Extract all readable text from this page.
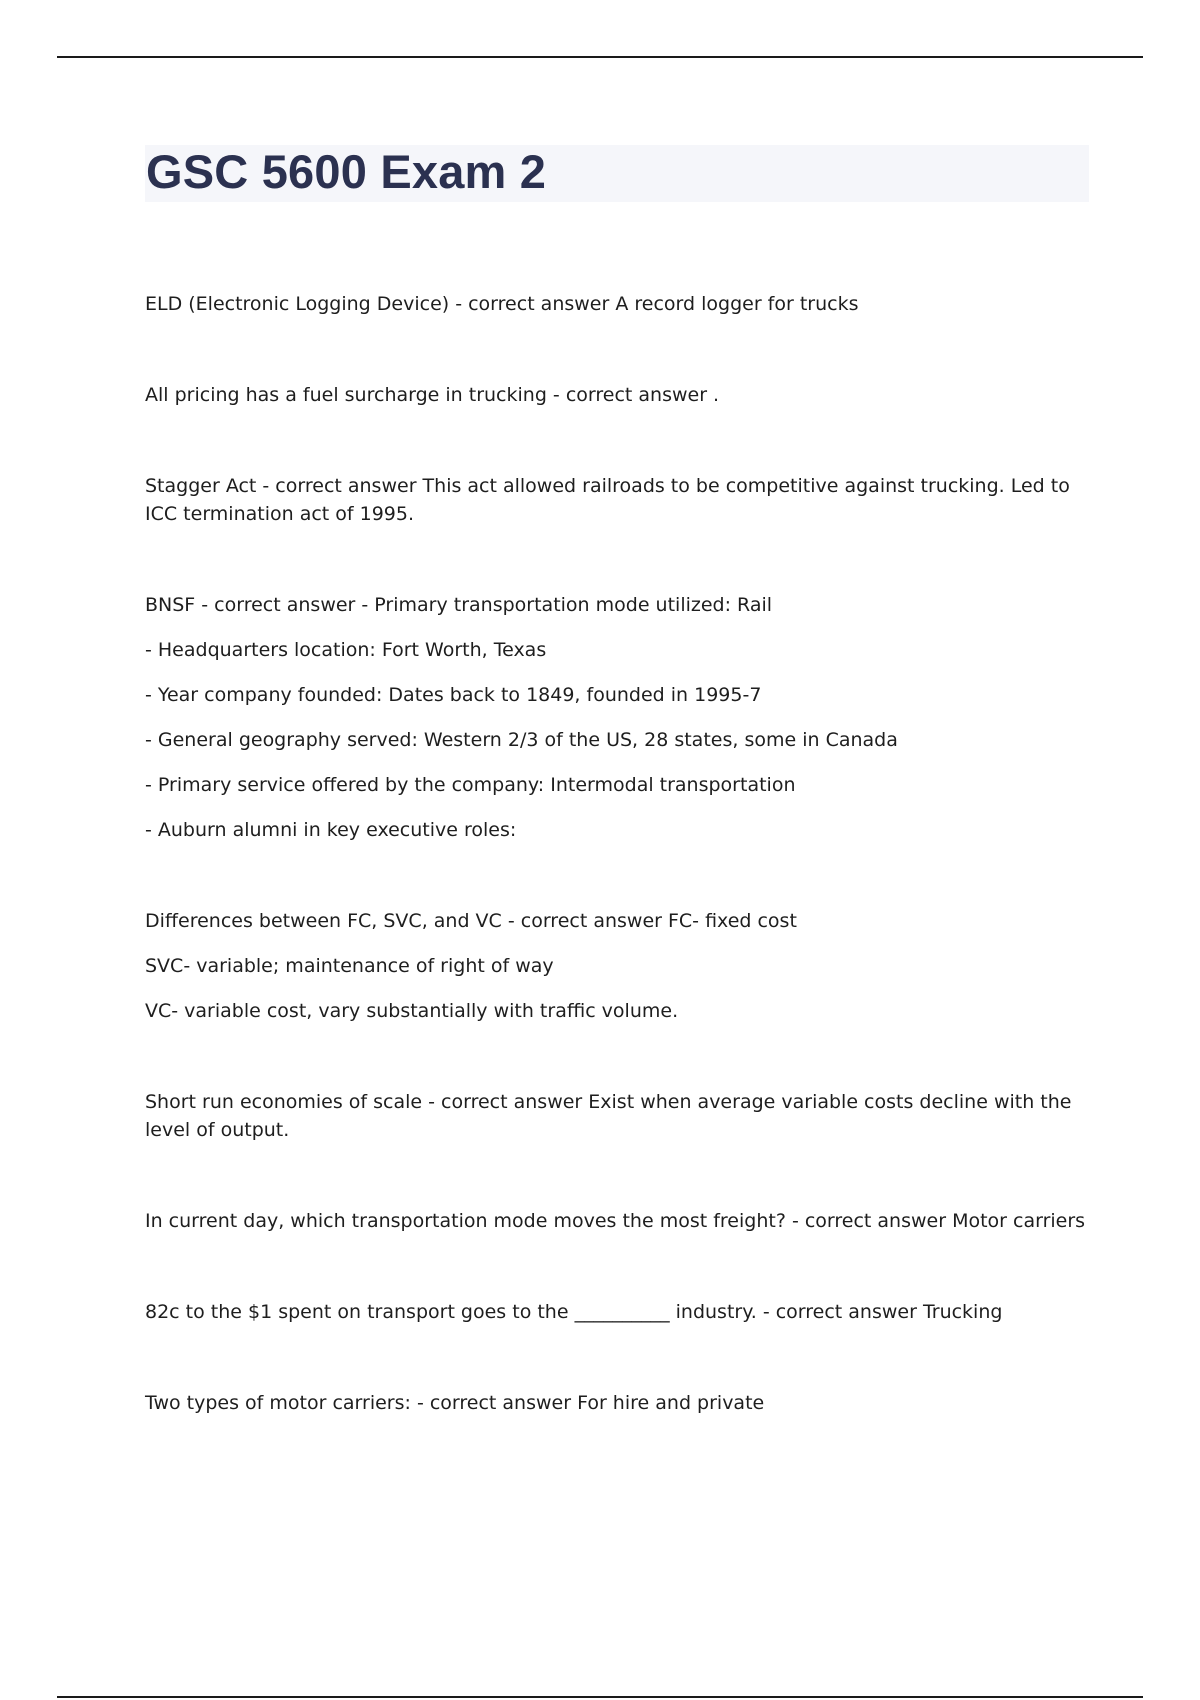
GSC 5600 Exam 2

ELD (Electronic Logging Device) - correct answer A record logger for trucks

All pricing has a fuel surcharge in trucking - correct answer .

Stagger Act - correct answer This act allowed railroads to be competitive against trucking. Led to ICC termination act of 1995.

BNSF - correct answer - Primary transportation mode utilized: Rail

- Headquarters location: Fort Worth, Texas

- Year company founded: Dates back to 1849, founded in 1995-7

- General geography served: Western 2/3 of the US, 28 states, some in Canada

- Primary service offered by the company: Intermodal transportation

- Auburn alumni in key executive roles:

Differences between FC, SVC, and VC - correct answer FC- fixed cost

SVC- variable; maintenance of right of way

VC- variable cost, vary substantially with traffic volume.

Short run economies of scale - correct answer Exist when average variable costs decline with the level of output.

In current day, which transportation mode moves the most freight? - correct answer Motor carriers

82c to the $1 spent on transport goes to the __________ industry. - correct answer Trucking

Two types of motor carriers: - correct answer For hire and private
